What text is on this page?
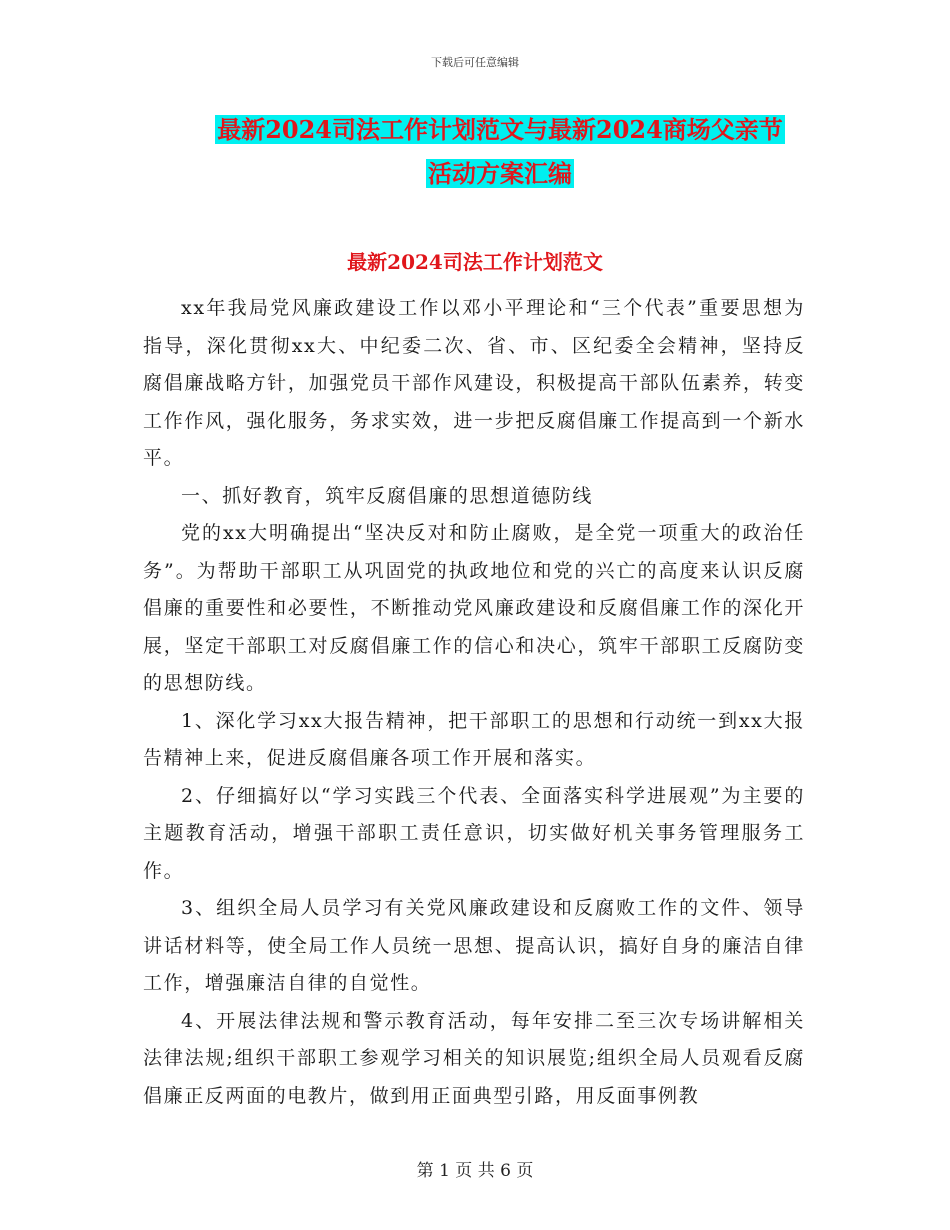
下载后可任意编辑
最新2024司法工作计划范文与最新2024商场父亲节
活动方案汇编
最新2024司法工作计划范文

xx年我局党风廉政建设工作以邓小平理论和“三个代表”重要思想为指导，深化贯彻xx大、中纪委二次、省、市、区纪委全会精神，坚持反腐倡廉战略方针，加强党员干部作风建设，积极提高干部队伍素养，转变工作作风，强化服务，务求实效，进一步把反腐倡廉工作提高到一个新水平。

一、抓好教育，筑牢反腐倡廉的思想道德防线

党的xx大明确提出“坚决反对和防止腐败，是全党一项重大的政治任务”。为帮助干部职工从巩固党的执政地位和党的兴亡的高度来认识反腐倡廉的重要性和必要性，不断推动党风廉政建设和反腐倡廉工作的深化开展，坚定干部职工对反腐倡廉工作的信心和决心，筑牢干部职工反腐防变的思想防线。

1、深化学习xx大报告精神，把干部职工的思想和行动统一到xx大报告精神上来，促进反腐倡廉各项工作开展和落实。

2、仔细搞好以“学习实践三个代表、全面落实科学进展观”为主要的主题教育活动，增强干部职工责任意识，切实做好机关事务管理服务工作。

3、组织全局人员学习有关党风廉政建设和反腐败工作的文件、领导讲话材料等，使全局工作人员统一思想、提高认识，搞好自身的廉洁自律工作，增强廉洁自律的自觉性。

4、开展法律法规和警示教育活动，每年安排二至三次专场讲解相关法律法规;组织干部职工参观学习相关的知识展览;组织全局人员观看反腐倡廉正反两面的电教片，做到用正面典型引路，用反面事例教

第 1 页 共 6 页
